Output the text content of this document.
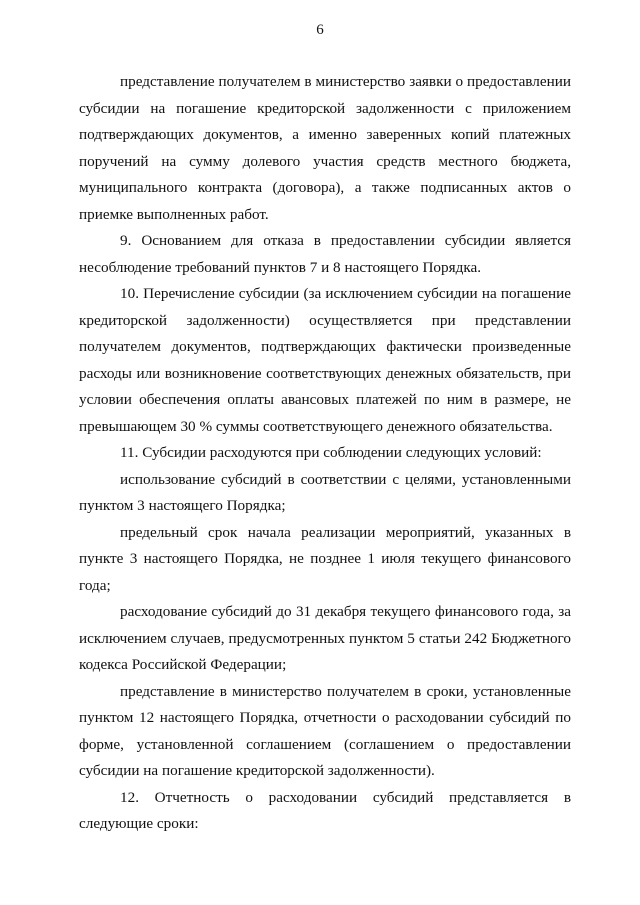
6

представление получателем в министерство заявки о предоставлении субсидии на погашение кредиторской задолженности с приложением подтверждающих документов, а именно заверенных копий платежных поручений на сумму долевого участия средств местного бюджета, муниципального контракта (договора), а также подписанных актов о приемке выполненных работ.

9. Основанием для отказа в предоставлении субсидии является несоблюдение требований пунктов 7 и 8 настоящего Порядка.

10. Перечисление субсидии (за исключением субсидии на погашение кредиторской задолженности) осуществляется при представлении получателем документов, подтверждающих фактически произведенные расходы или возникновение соответствующих денежных обязательств, при условии обеспечения оплаты авансовых платежей по ним в размере, не превышающем 30 % суммы соответствующего денежного обязательства.

11. Субсидии расходуются при соблюдении следующих условий:

использование субсидий в соответствии с целями, установленными пунктом 3 настоящего Порядка;

предельный срок начала реализации мероприятий, указанных в пункте 3 настоящего Порядка, не позднее 1 июля текущего финансового года;

расходование субсидий до 31 декабря текущего финансового года, за исключением случаев, предусмотренных пунктом 5 статьи 242 Бюджетного кодекса Российской Федерации;

представление в министерство получателем в сроки, установленные пунктом 12 настоящего Порядка, отчетности о расходовании субсидий по форме, установленной соглашением (соглашением о предоставлении субсидии на погашение кредиторской задолженности).

12. Отчетность о расходовании субсидий представляется в следующие сроки:
